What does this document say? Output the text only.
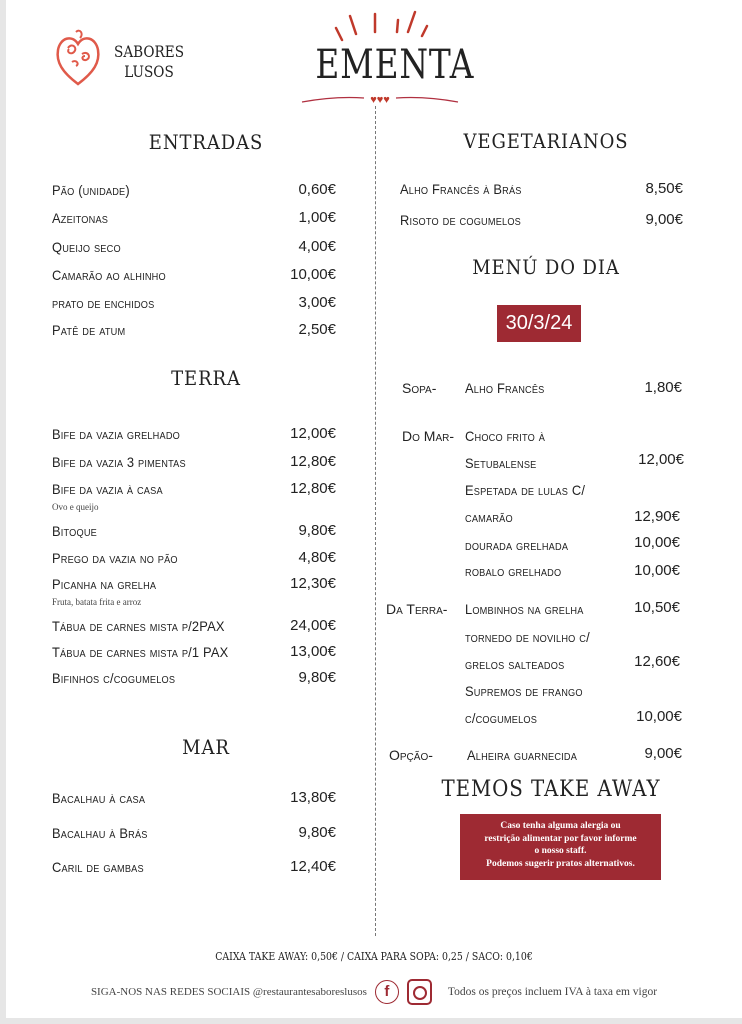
SABORES
LUSOS	EMENTA
♥♥♥
ENTRADAS
Pão (unidade)	0,60€
Azeitonas	1,00€
Queijo seco	4,00€
Camarão ao alhinho	10,00€
prato de enchidos	3,00€
Patê de atum	2,50€
TERRA
Bife da vazia grelhado	12,00€
Bife da vazia 3 pimentas	12,80€
Bife da vazia à casa	12,80€
Ovo e queijo
Bitoque	9,80€
Prego da vazia no pão	4,80€
Picanha na grelha	12,30€
Fruta, batata frita e arroz
Tábua de carnes mista p/2PAX	24,00€
Tábua de carnes mista p/1 PAX	13,00€
Bifinhos c/cogumelos	9,80€
MAR
Bacalhau à casa	13,80€
Bacalhau à Brás	9,80€
Caril de gambas	12,40€
VEGETARIANOS
Alho Francês à Brás	8,50€
Risoto de cogumelos	9,00€
MENÚ DO DIA
30/3/24
Sopa- Alho Francês	1,80€
Do Mar- Choco frito à
Setubalense	12,00€
Espetada de lulas C/
camarão	12,90€
dourada grelhada	10,00€
robalo grelhado	10,00€
Da Terra- Lombinhos na grelha	10,50€
tornedo de novilho c/
grelos salteados	12,60€
Supremos de frango
c/cogumelos	10,00€
Opção- Alheira guarnecida	9,00€
TEMOS TAKE AWAY
Caso tenha alguma alergia ou
restrição alimentar por favor informe
o nosso staff.
Podemos sugerir pratos alternativos.
CAIXA TAKE AWAY: 0,50€ / CAIXA PARA SOPA: 0,25 / SACO: 0,10€
SIGA-NOS NAS REDES SOCIAIS @restaurantesaboreslusos	f	Todos os preços incluem IVA à taxa em vigor
